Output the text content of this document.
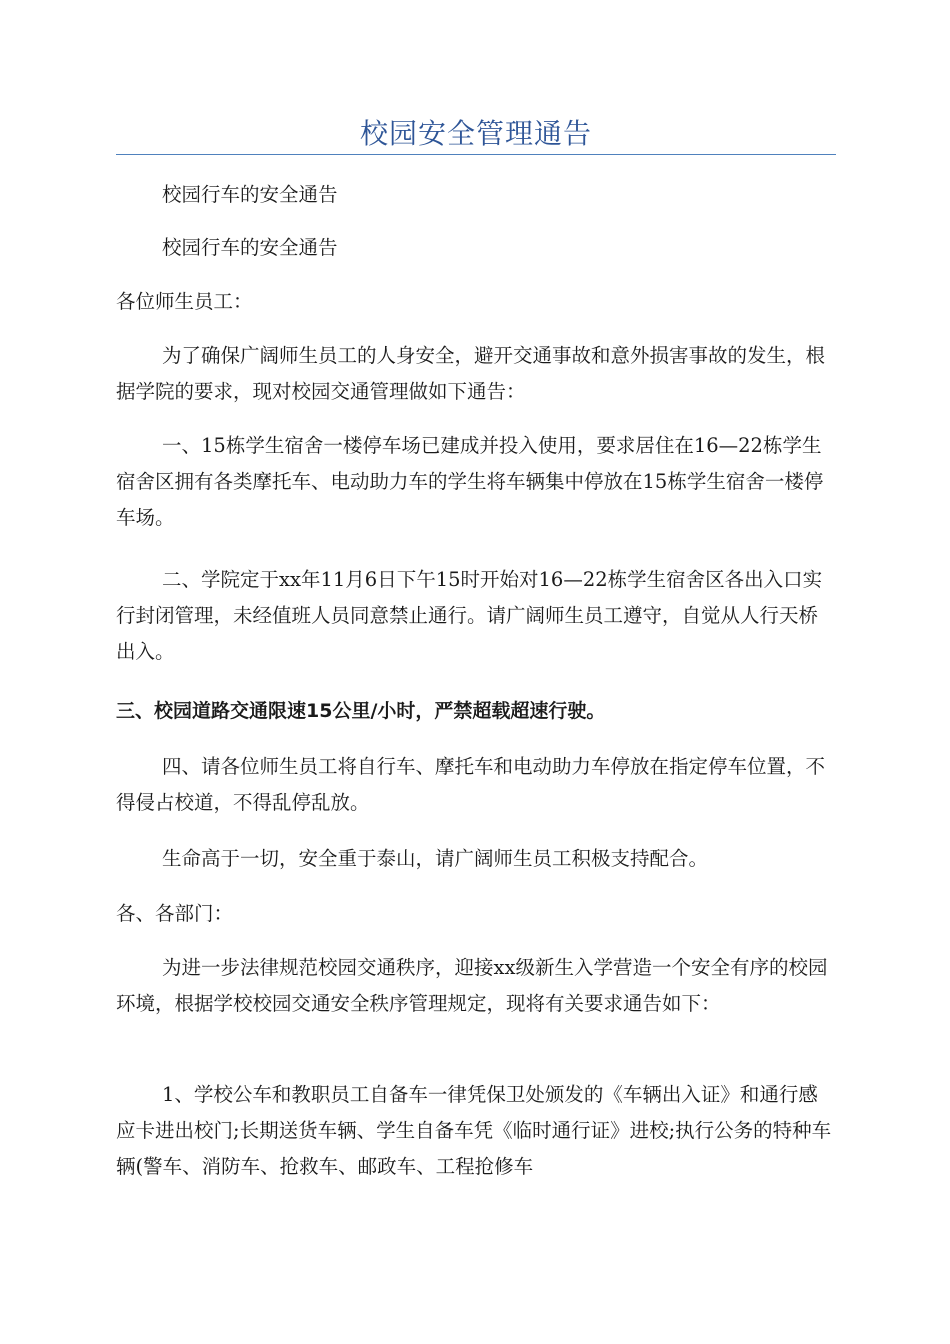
校园安全管理通告

校园行车的安全通告

校园行车的安全通告

各位师生员工：

为了确保广阔师生员工的人身安全，避开交通事故和意外损害事故的发生，根据学院的要求，现对校园交通管理做如下通告：

一、15栋学生宿舍一楼停车场已建成并投入使用，要求居住在16—22栋学生宿舍区拥有各类摩托车、电动助力车的学生将车辆集中停放在15栋学生宿舍一楼停车场。

二、学院定于xx年11月6日下午15时开始对16—22栋学生宿舍区各出入口实行封闭管理，未经值班人员同意禁止通行。请广阔师生员工遵守，自觉从人行天桥出入。

三、校园道路交通限速15公里/小时，严禁超载超速行驶。

四、请各位师生员工将自行车、摩托车和电动助力车停放在指定停车位置，不得侵占校道，不得乱停乱放。

生命高于一切，安全重于泰山，请广阔师生员工积极支持配合。

各、各部门：

为进一步法律规范校园交通秩序，迎接xx级新生入学营造一个安全有序的校园环境，根据学校校园交通安全秩序管理规定，现将有关要求通告如下：

1、学校公车和教职员工自备车一律凭保卫处颁发的《车辆出入证》和通行感应卡进出校门;长期送货车辆、学生自备车凭《临时通行证》进校;执行公务的特种车辆(警车、消防车、抢救车、邮政车、工程抢修车
